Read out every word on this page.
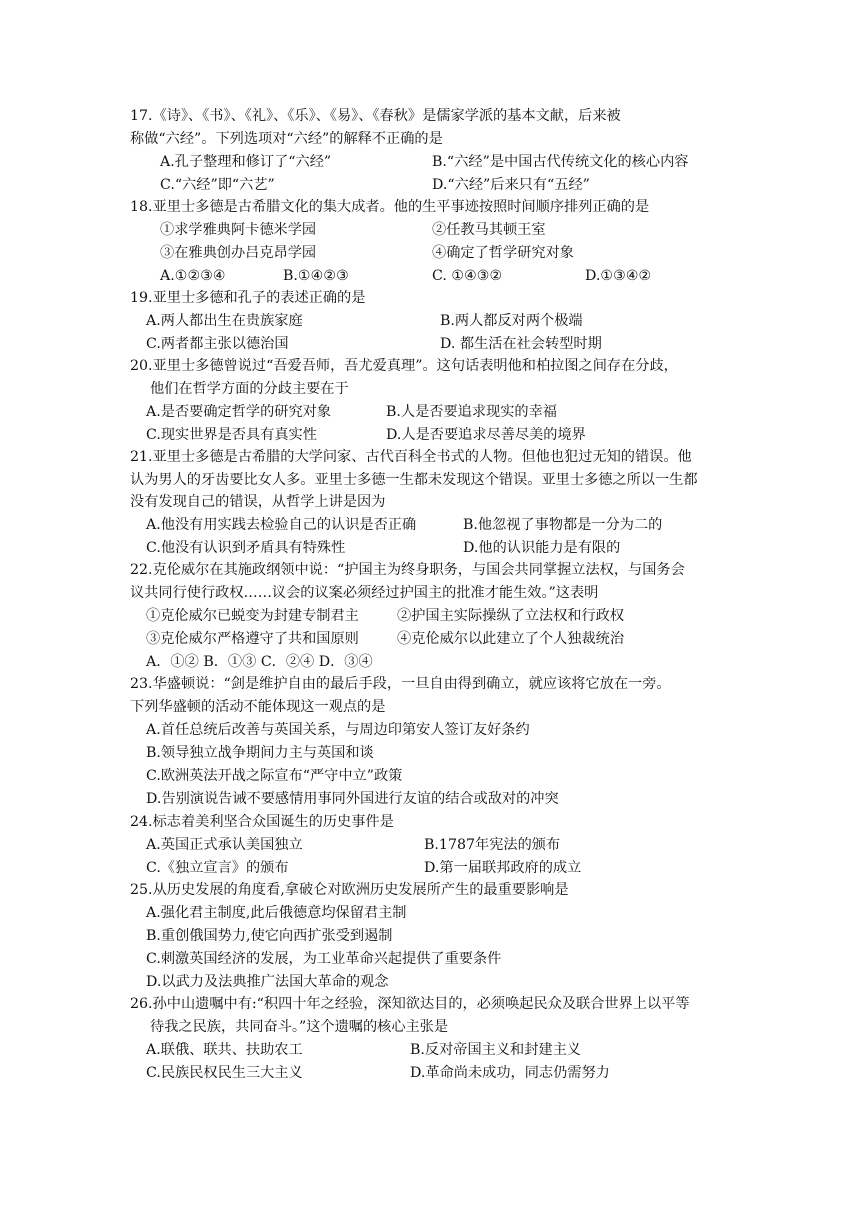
17.《诗》、《书》、《礼》、《乐》、《易》、《春秋》是儒家学派的基本文献，后来被
称做“六经”。下列选项对“六经”的解释不正确的是
A.孔子整理和修订了“六经”	B.“六经”是中国古代传统文化的核心内容
C.“六经”即“六艺”	D.“六经”后来只有“五经”
18.亚里士多德是古希腊文化的集大成者。他的生平事迹按照时间顺序排列正确的是
①求学雅典阿卡德米学园	②任教马其顿王室
③在雅典创办吕克昂学园	④确定了哲学研究对象
A.①②③④	B.①④②③	C. ①④③②	D.①③④②
19.亚里士多德和孔子的表述正确的是
A.两人都出生在贵族家庭	B.两人都反对两个极端
C.两者都主张以德治国	D. 都生活在社会转型时期
20.亚里士多德曾说过“吾爱吾师，吾尤爱真理”。这句话表明他和柏拉图之间存在分歧，
他们在哲学方面的分歧主要在于
A.是否要确定哲学的研究对象	B.人是否要追求现实的幸福
C.现实世界是否具有真实性	D.人是否要追求尽善尽美的境界
21.亚里士多德是古希腊的大学问家、古代百科全书式的人物。但他也犯过无知的错误。他
认为男人的牙齿要比女人多。亚里士多德一生都未发现这个错误。亚里士多德之所以一生都
没有发现自己的错误，从哲学上讲是因为
A.他没有用实践去检验自己的认识是否正确	B.他忽视了事物都是一分为二的
C.他没有认识到矛盾具有特殊性	D.他的认识能力是有限的
22.克伦威尔在其施政纲领中说：“护国主为终身职务，与国会共同掌握立法权，与国务会
议共同行使行政权……议会的议案必须经过护国主的批准才能生效。”这表明
①克伦威尔已蜕变为封建专制君主	②护国主实际操纵了立法权和行政权
③克伦威尔严格遵守了共和国原则	④克伦威尔以此建立了个人独裁统治
A．①② B．①③ C．②④ D．③④
23.华盛顿说：“剑是维护自由的最后手段，一旦自由得到确立，就应该将它放在一旁。
下列华盛顿的活动不能体现这一观点的是
A.首任总统后改善与英国关系，与周边印第安人签订友好条约
B.领导独立战争期间力主与英国和谈
C.欧洲英法开战之际宣布“严守中立”政策
D.告别演说告诫不要感情用事同外国进行友谊的结合或敌对的冲突
24.标志着美利坚合众国诞生的历史事件是
A.英国正式承认美国独立	B.1787年宪法的颁布
C.《独立宣言》的颁布	D.第一届联邦政府的成立
25.从历史发展的角度看,拿破仑对欧洲历史发展所产生的最重要影响是
A.强化君主制度,此后俄德意均保留君主制
B.重创俄国势力,使它向西扩张受到遏制
C.刺激英国经济的发展，为工业革命兴起提供了重要条件
D.以武力及法典推广法国大革命的观念
26.孙中山遗嘱中有:“积四十年之经验，深知欲达目的，必须唤起民众及联合世界上以平等
待我之民族，共同奋斗。”这个遗嘱的核心主张是
A.联俄、联共、扶助农工	B.反对帝国主义和封建主义
C.民族民权民生三大主义	D.革命尚未成功，同志仍需努力
